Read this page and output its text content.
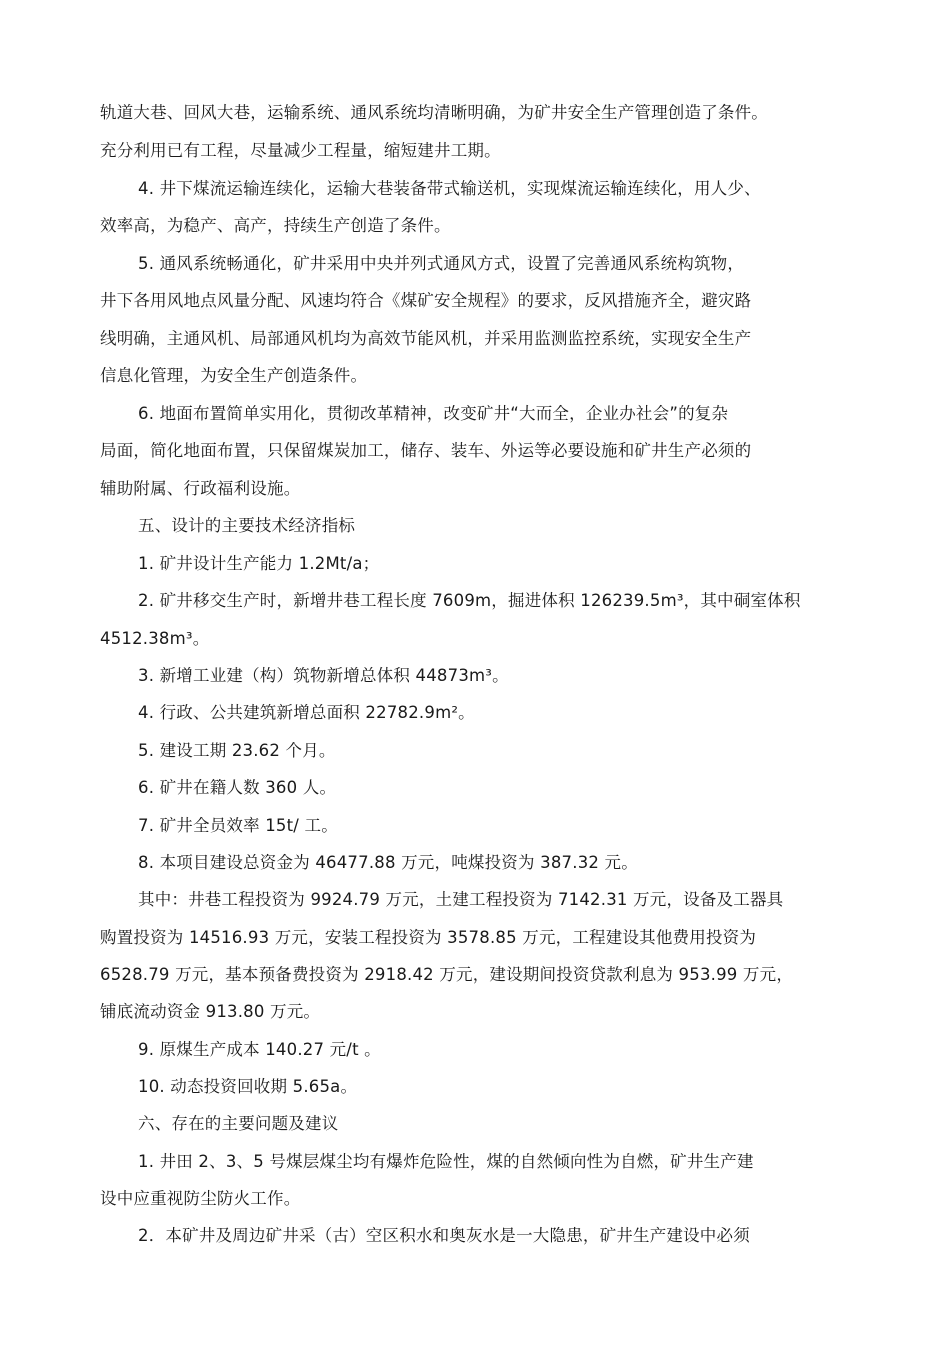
轨道大巷、回风大巷，运输系统、通风系统均清晰明确，为矿井安全生产管理创造了条件。
充分利用已有工程，尽量减少工程量，缩短建井工期。
4. 井下煤流运输连续化，运输大巷装备带式输送机，实现煤流运输连续化，用人少、
效率高，为稳产、高产，持续生产创造了条件。
5. 通风系统畅通化，矿井采用中央并列式通风方式，设置了完善通风系统构筑物，
井下各用风地点风量分配、风速均符合《煤矿安全规程》的要求，反风措施齐全，避灾路
线明确，主通风机、局部通风机均为高效节能风机，并采用监测监控系统，实现安全生产
信息化管理，为安全生产创造条件。
6. 地面布置简单实用化，贯彻改革精神，改变矿井“大而全，企业办社会”的复杂
局面，简化地面布置，只保留煤炭加工，储存、装车、外运等必要设施和矿井生产必须的
辅助附属、行政福利设施。
五、设计的主要技术经济指标
1. 矿井设计生产能力 1.2Mt/a；
2. 矿井移交生产时，新增井巷工程长度 7609m，掘进体积 126239.5m³，其中硐室体积
4512.38m³。
3. 新增工业建（构）筑物新增总体积 44873m³。
4. 行政、公共建筑新增总面积 22782.9m²。
5. 建设工期 23.62 个月。
6. 矿井在籍人数 360 人。
7. 矿井全员效率 15t/ 工。
8. 本项目建设总资金为 46477.88 万元，吨煤投资为 387.32 元。
其中：井巷工程投资为 9924.79 万元，土建工程投资为 7142.31 万元，设备及工器具
购置投资为 14516.93 万元，安装工程投资为 3578.85 万元，工程建设其他费用投资为
6528.79 万元，基本预备费投资为 2918.42 万元，建设期间投资贷款利息为 953.99 万元，
铺底流动资金 913.80 万元。
9. 原煤生产成本 140.27 元/t 。
10. 动态投资回收期 5.65a。
六、存在的主要问题及建议
1. 井田 2、3、5 号煤层煤尘均有爆炸危险性，煤的自然倾向性为自燃，矿井生产建
设中应重视防尘防火工作。
2．本矿井及周边矿井采（古）空区积水和奥灰水是一大隐患，矿井生产建设中必须
